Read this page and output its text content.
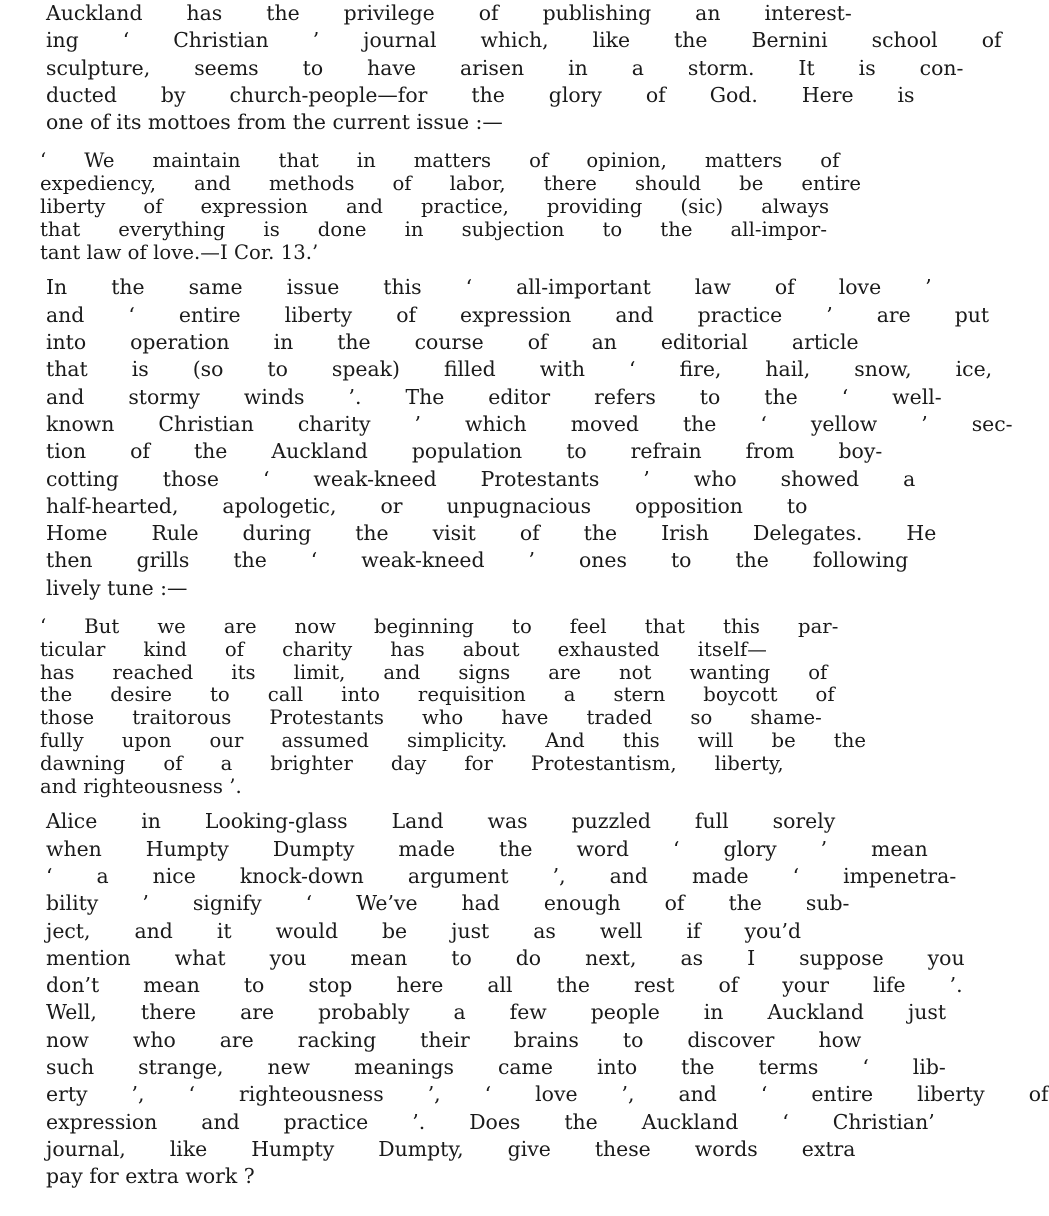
Auckland	has	the	privilege	of	publishing	an	interest-
ing	‘	Christian	’	journal	which,	like	the	Bernini	school	of
sculpture,	seems	to	have	arisen	in	a	storm.	It	is	con-
ducted	by	church-people—for	the	glory	of	God.	Here	is
one of its mottoes from the current issue :—
‘	We	maintain	that	in	matters	of	opinion,	matters	of
expediency,	and	methods	of	labor,	there	should	be	entire
liberty	of	expression	and	practice,	providing	(sic)	always
that	everything	is	done	in	subjection	to	the	all-impor-
tant law of love.—I Cor. 13.’
In	the	same	issue	this	‘	all-important	law	of	love	’
and	‘	entire	liberty	of	expression	and	practice	’	are	put
into	operation	in	the	course	of	an	editorial	article
that	is	(so	to	speak)	filled	with	‘	fire,	hail,	snow,	ice,
and	stormy	winds	’.	The	editor	refers	to	the	‘	well-
known	Christian	charity	’	which	moved	the	‘	yellow	’	sec-
tion	of	the	Auckland	population	to	refrain	from	boy-
cotting	those	‘	weak-kneed	Protestants	’	who	showed	a
half-hearted,	apologetic,	or	unpugnacious	opposition	to
Home	Rule	during	the	visit	of	the	Irish	Delegates.	He
then	grills	the	‘	weak-kneed	’	ones	to	the	following
lively tune :—
‘	But	we	are	now	beginning	to	feel	that	this	par-
ticular	kind	of	charity	has	about	exhausted	itself—
has	reached	its	limit,	and	signs	are	not	wanting	of
the	desire	to	call	into	requisition	a	stern	boycott	of
those	traitorous	Protestants	who	have	traded	so	shame-
fully	upon	our	assumed	simplicity.	And	this	will	be	the
dawning	of	a	brighter	day	for	Protestantism,	liberty,
and righteousness ’.
Alice	in	Looking-glass	Land	was	puzzled	full	sorely
when	Humpty	Dumpty	made	the	word	‘	glory	’	mean
‘	a	nice	knock-down	argument	’,	and	made	‘	impenetra-
bility	’	signify	‘	We’ve	had	enough	of	the	sub-
ject,	and	it	would	be	just	as	well	if	you’d
mention	what	you	mean	to	do	next,	as	I	suppose	you
don’t	mean	to	stop	here	all	the	rest	of	your	life	’.
Well,	there	are	probably	a	few	people	in	Auckland	just
now	who	are	racking	their	brains	to	discover	how
such	strange,	new	meanings	came	into	the	terms	‘	lib-
erty	’,	‘	righteousness	’,	‘	love	’,	and	‘	entire	liberty	of
expression	and	practice	’.	Does	the	Auckland	‘	Christian’
journal,	like	Humpty	Dumpty,	give	these	words	extra
pay for extra work ?
